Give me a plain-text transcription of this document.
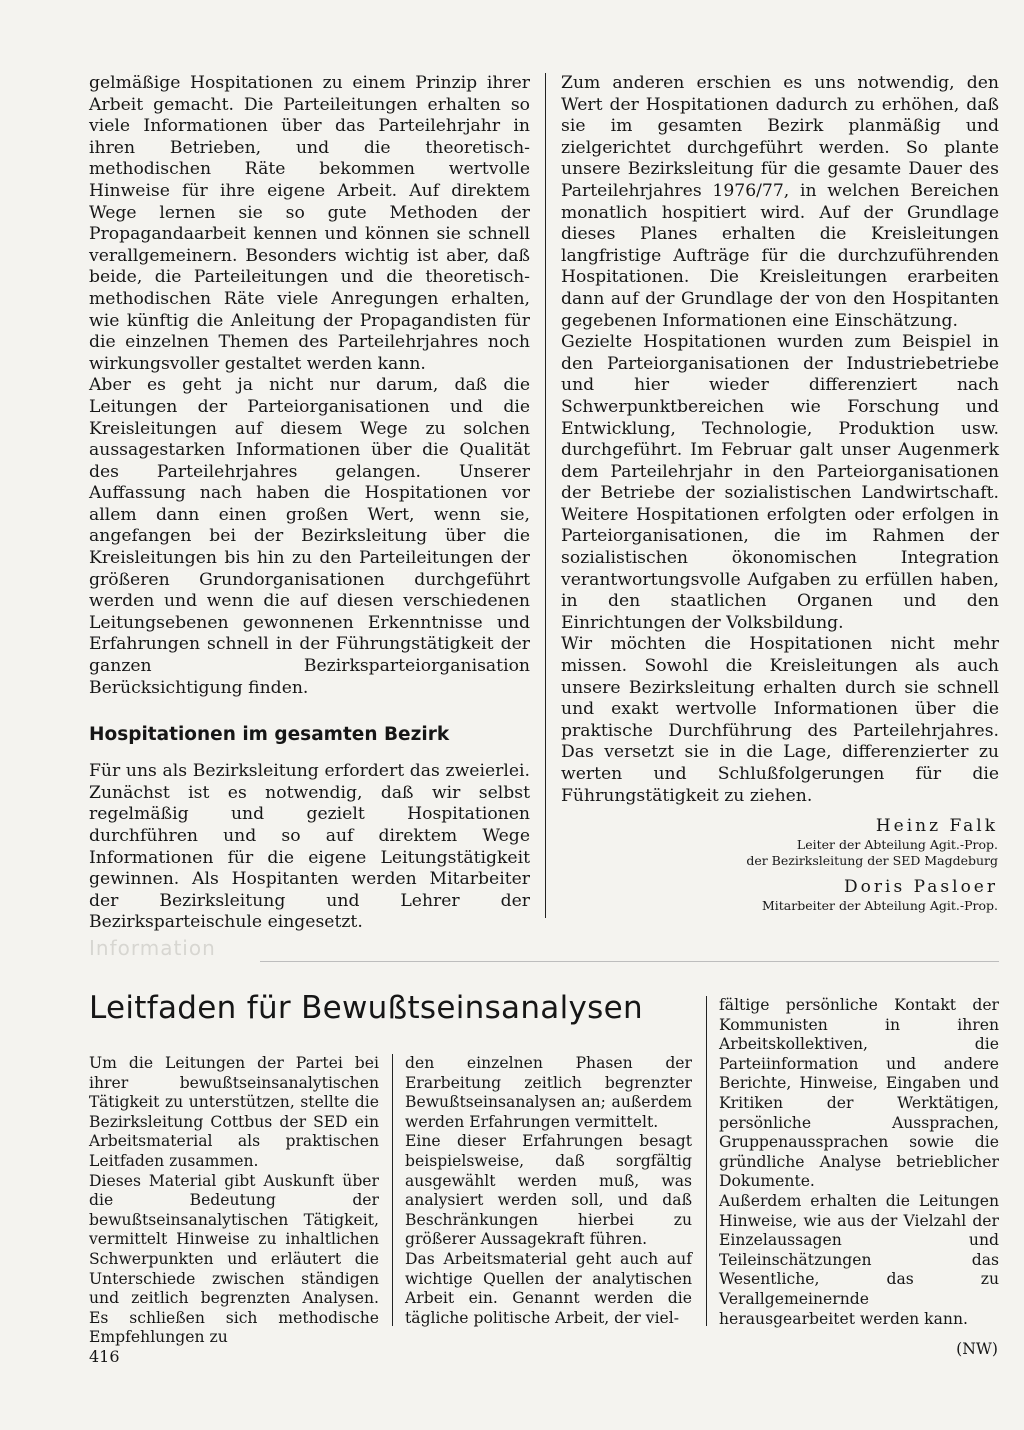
gelmäßige Hospitationen zu einem Prinzip ihrer Arbeit gemacht. Die Parteileitungen erhalten so viele Informationen über das Parteilehrjahr in ihren Betrieben, und die theoretisch-methodischen Räte bekommen wertvolle Hinweise für ihre eigene Arbeit. Auf direktem Wege lernen sie so gute Methoden der Propagandaarbeit kennen und können sie schnell verallgemeinern. Besonders wichtig ist aber, daß beide, die Parteileitungen und die theoretisch-methodischen Räte viele Anregungen erhalten, wie künftig die Anleitung der Propagandisten für die einzelnen Themen des Parteilehrjahres noch wirkungsvoller gestaltet werden kann.

Aber es geht ja nicht nur darum, daß die Leitungen der Parteiorganisationen und die Kreisleitungen auf diesem Wege zu solchen aussagestarken Informationen über die Qualität des Parteilehrjahres gelangen. Unserer Auffassung nach haben die Hospitationen vor allem dann einen großen Wert, wenn sie, angefangen bei der Bezirksleitung über die Kreisleitungen bis hin zu den Parteileitungen der größeren Grundorganisationen durchgeführt werden und wenn die auf diesen verschiedenen Leitungsebenen gewonnenen Erkenntnisse und Erfahrungen schnell in der Führungstätigkeit der ganzen Bezirksparteiorganisation Berücksichtigung finden.

Hospitationen im gesamten Bezirk

Für uns als Bezirksleitung erfordert das zweierlei. Zunächst ist es notwendig, daß wir selbst regelmäßig und gezielt Hospitationen durchführen und so auf direktem Wege Informationen für die eigene Leitungstätigkeit gewinnen. Als Hospitanten werden Mitarbeiter der Bezirksleitung und Lehrer der Bezirksparteischule eingesetzt.

Zum anderen erschien es uns notwendig, den Wert der Hospitationen dadurch zu erhöhen, daß sie im gesamten Bezirk planmäßig und zielgerichtet durchgeführt werden. So plante unsere Bezirksleitung für die gesamte Dauer des Parteilehrjahres 1976/77, in welchen Bereichen monatlich hospitiert wird. Auf der Grundlage dieses Planes erhalten die Kreisleitungen langfristige Aufträge für die durchzuführenden Hospitationen. Die Kreisleitungen erarbeiten dann auf der Grundlage der von den Hospitanten gegebenen Informationen eine Einschätzung.

Gezielte Hospitationen wurden zum Beispiel in den Parteiorganisationen der Industriebetriebe und hier wieder differenziert nach Schwerpunktbereichen wie Forschung und Entwicklung, Technologie, Produktion usw. durchgeführt. Im Februar galt unser Augenmerk dem Parteilehrjahr in den Parteiorganisationen der Betriebe der sozialistischen Landwirtschaft. Weitere Hospitationen erfolgten oder erfolgen in Parteiorganisationen, die im Rahmen der sozialistischen ökonomischen Integration verantwortungsvolle Aufgaben zu erfüllen haben, in den staatlichen Organen und den Einrichtungen der Volksbildung.

Wir möchten die Hospitationen nicht mehr missen. Sowohl die Kreisleitungen als auch unsere Bezirksleitung erhalten durch sie schnell und exakt wertvolle Informationen über die praktische Durchführung des Parteilehrjahres. Das versetzt sie in die Lage, differenzierter zu werten und Schlußfolgerungen für die Führungstätigkeit zu ziehen.

Heinz Falk
Leiter der Abteilung Agit.-Prop.
der Bezirksleitung der SED Magdeburg
Doris Pasloer
Mitarbeiter der Abteilung Agit.-Prop.
Information
Leitfaden für Bewußtseinsanalysen

Um die Leitungen der Partei bei ihrer bewußtseinsanalytischen Tätigkeit zu unterstützen, stellte die Bezirksleitung Cottbus der SED ein Arbeitsmaterial als praktischen Leitfaden zusammen.

Dieses Material gibt Auskunft über die Bedeutung der bewußtseinsanalytischen Tätigkeit, vermittelt Hinweise zu inhaltlichen Schwerpunkten und erläutert die Unterschiede zwischen ständigen und zeitlich begrenzten Analysen. Es schließen sich methodische Empfehlungen zu

den einzelnen Phasen der Erarbeitung zeitlich begrenzter Bewußtseinsanalysen an; außerdem werden Erfahrungen vermittelt.

Eine dieser Erfahrungen besagt beispielsweise, daß sorgfältig ausgewählt werden muß, was analysiert werden soll, und daß Beschränkungen hierbei zu größerer Aussagekraft führen.

Das Arbeitsmaterial geht auch auf wichtige Quellen der analytischen Arbeit ein. Genannt werden die tägliche politische Arbeit, der viel-

fältige persönliche Kontakt der Kommunisten in ihren Arbeitskollektiven, die Parteiinformation und andere Berichte, Hinweise, Eingaben und Kritiken der Werktätigen, persönliche Aussprachen, Gruppenaussprachen sowie die gründliche Analyse betrieblicher Dokumente.

Außerdem erhalten die Leitungen Hinweise, wie aus der Vielzahl der Einzelaussagen und Teileinschätzungen das Wesentliche, das zu Verallgemeinernde herausgearbeitet werden kann.

(NW)
416
